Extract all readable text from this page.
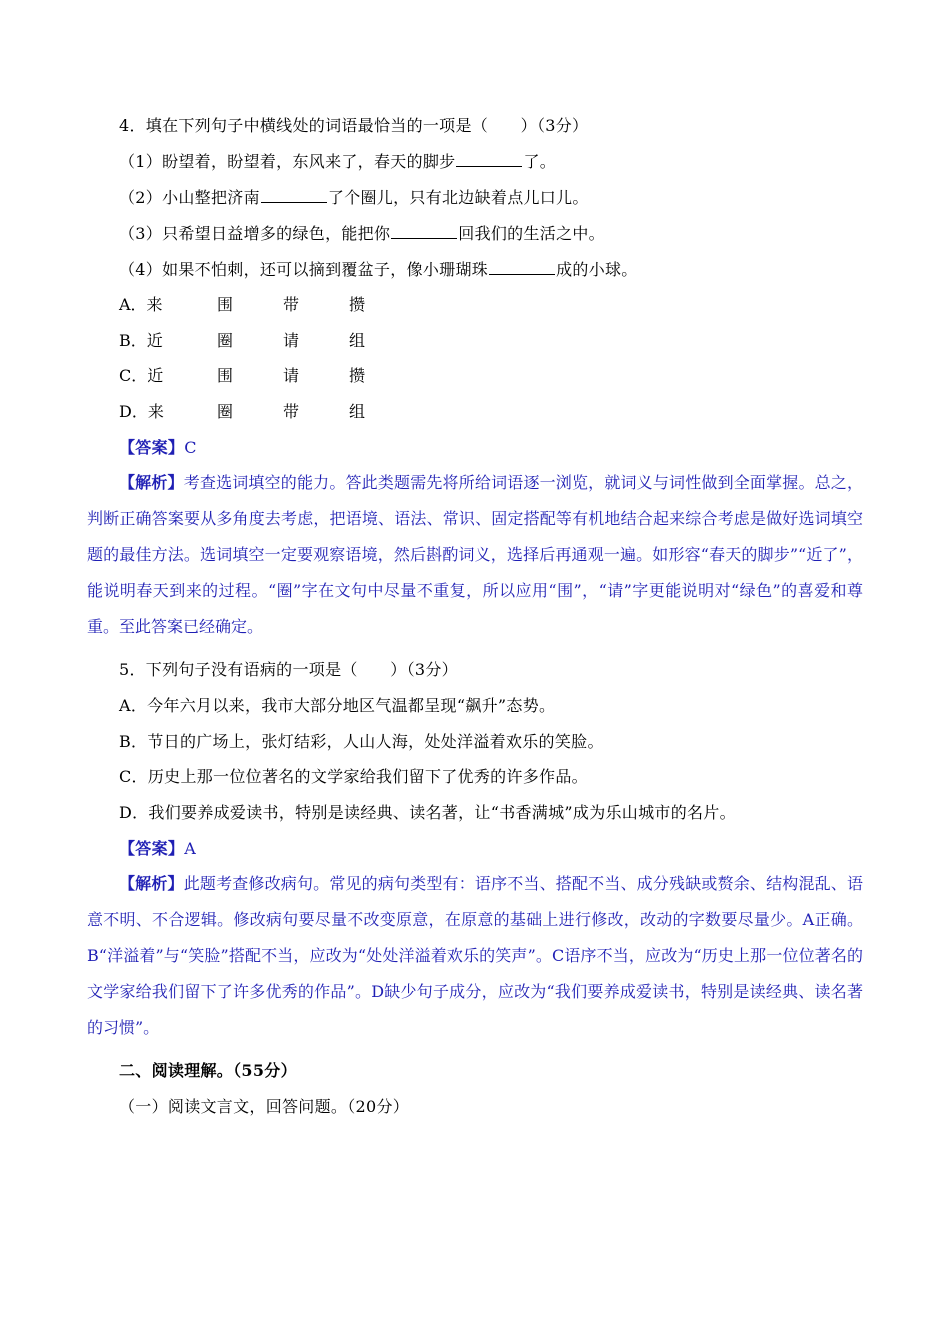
4．填在下列句子中横线处的词语最恰当的一项是（　　）（3分）
（1）盼望着，盼望着，东风来了，春天的脚步	了。
（2）小山整把济南	了个圈儿，只有北边缺着点儿口儿。
（3）只希望日益增多的绿色，能把你	回我们的生活之中。
（4）如果不怕刺，还可以摘到覆盆子，像小珊瑚珠	成的小球。
A．来	围	带	攒
B．近	圈	请	组
C．近	围	请	攒
D．来	圈	带	组
【答案】C
【解析】考查选词填空的能力。答此类题需先将所给词语逐一浏览，就词义与词性做到全面掌握。总之，判断正确答案要从多角度去考虑，把语境、语法、常识、固定搭配等有机地结合起来综合考虑是做好选词填空题的最佳方法。选词填空一定要观察语境，然后斟酌词义，选择后再通观一遍。如形容“春天的脚步”“近了”，能说明春天到来的过程。“圈”字在文句中尽量不重复，所以应用“围”，“请”字更能说明对“绿色”的喜爱和尊重。至此答案已经确定。
5．下列句子没有语病的一项是（　　）（3分）
A．今年六月以来，我市大部分地区气温都呈现“飙升”态势。
B．节日的广场上，张灯结彩，人山人海，处处洋溢着欢乐的笑脸。
C．历史上那一位位著名的文学家给我们留下了优秀的许多作品。
D．我们要养成爱读书，特别是读经典、读名著，让“书香满城”成为乐山城市的名片。
【答案】A
【解析】此题考查修改病句。常见的病句类型有：语序不当、搭配不当、成分残缺或赘余、结构混乱、语意不明、不合逻辑。修改病句要尽量不改变原意，在原意的基础上进行修改，改动的字数要尽量少。A正确。B“洋溢着”与“笑脸”搭配不当，应改为“处处洋溢着欢乐的笑声”。C语序不当，应改为“历史上那一位位著名的文学家给我们留下了许多优秀的作品”。D缺少句子成分，应改为“我们要养成爱读书，特别是读经典、读名著的习惯”。
二、阅读理解。（55分）
（一）阅读文言文，回答问题。（20分）
